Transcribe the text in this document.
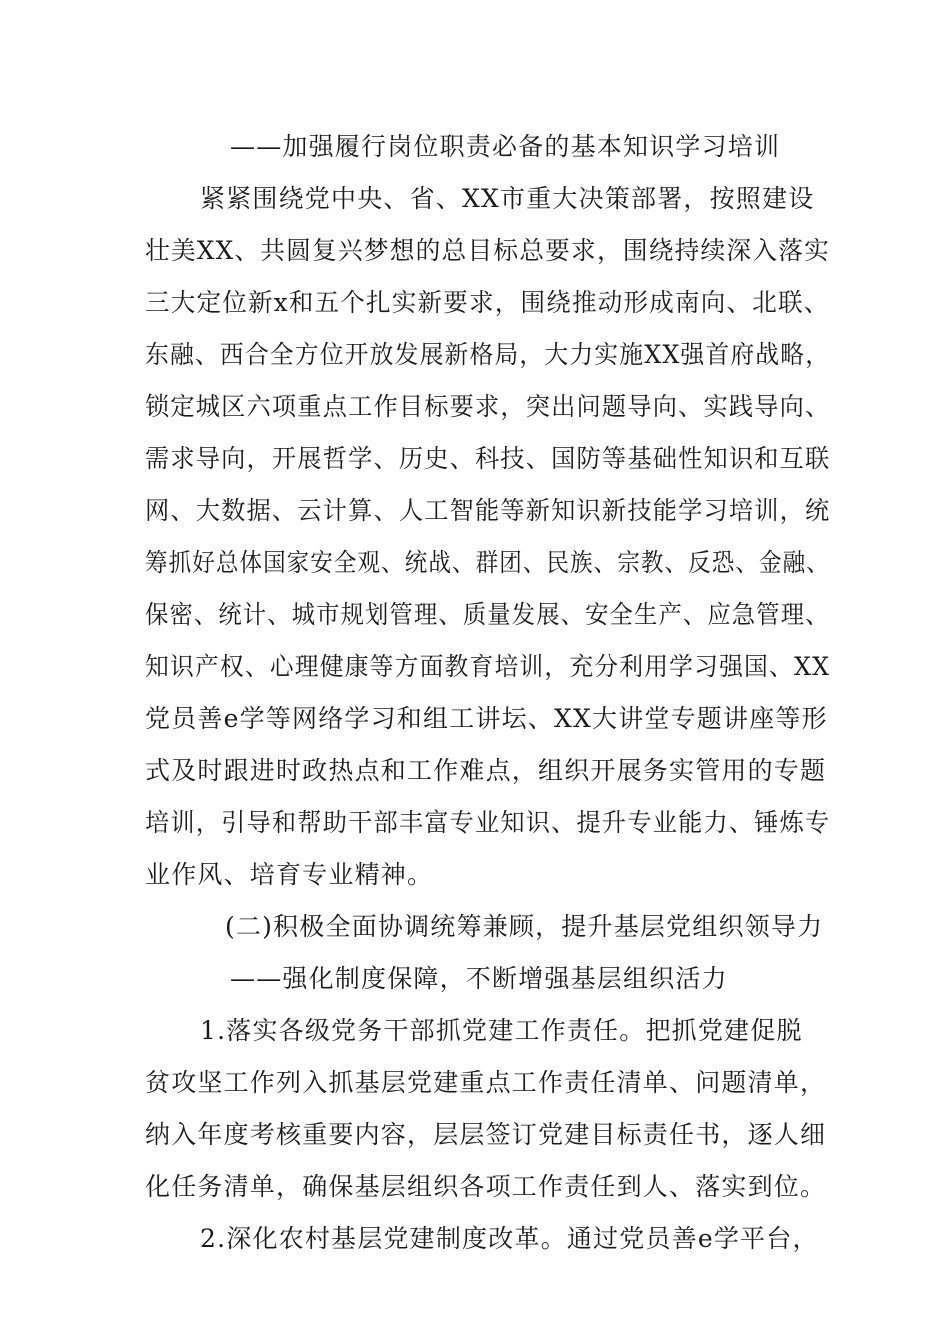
——加强履行岗位职责必备的基本知识学习培训
紧紧围绕党中央、省、XX市重大决策部署，按照建设
壮美XX、共圆复兴梦想的总目标总要求，围绕持续深入落实
三大定位新x和五个扎实新要求，围绕推动形成南向、北联、
东融、西合全方位开放发展新格局，大力实施XX强首府战略，
锁定城区六项重点工作目标要求，突出问题导向、实践导向、
需求导向，开展哲学、历史、科技、国防等基础性知识和互联
网、大数据、云计算、人工智能等新知识新技能学习培训，统
筹抓好总体国家安全观、统战、群团、民族、宗教、反恐、金融、
保密、统计、城市规划管理、质量发展、安全生产、应急管理、
知识产权、心理健康等方面教育培训，充分利用学习强国、XX
党员善e学等网络学习和组工讲坛、XX大讲堂专题讲座等形
式及时跟进时政热点和工作难点，组织开展务实管用的专题
培训，引导和帮助干部丰富专业知识、提升专业能力、锤炼专
业作风、培育专业精神。
(二)积极全面协调统筹兼顾，提升基层党组织领导力
——强化制度保障，不断增强基层组织活力
1.落实各级党务干部抓党建工作责任。把抓党建促脱
贫攻坚工作列入抓基层党建重点工作责任清单、问题清单，
纳入年度考核重要内容，层层签订党建目标责任书，逐人细
化任务清单，确保基层组织各项工作责任到人、落实到位。
2.深化农村基层党建制度改革。通过党员善e学平台，
